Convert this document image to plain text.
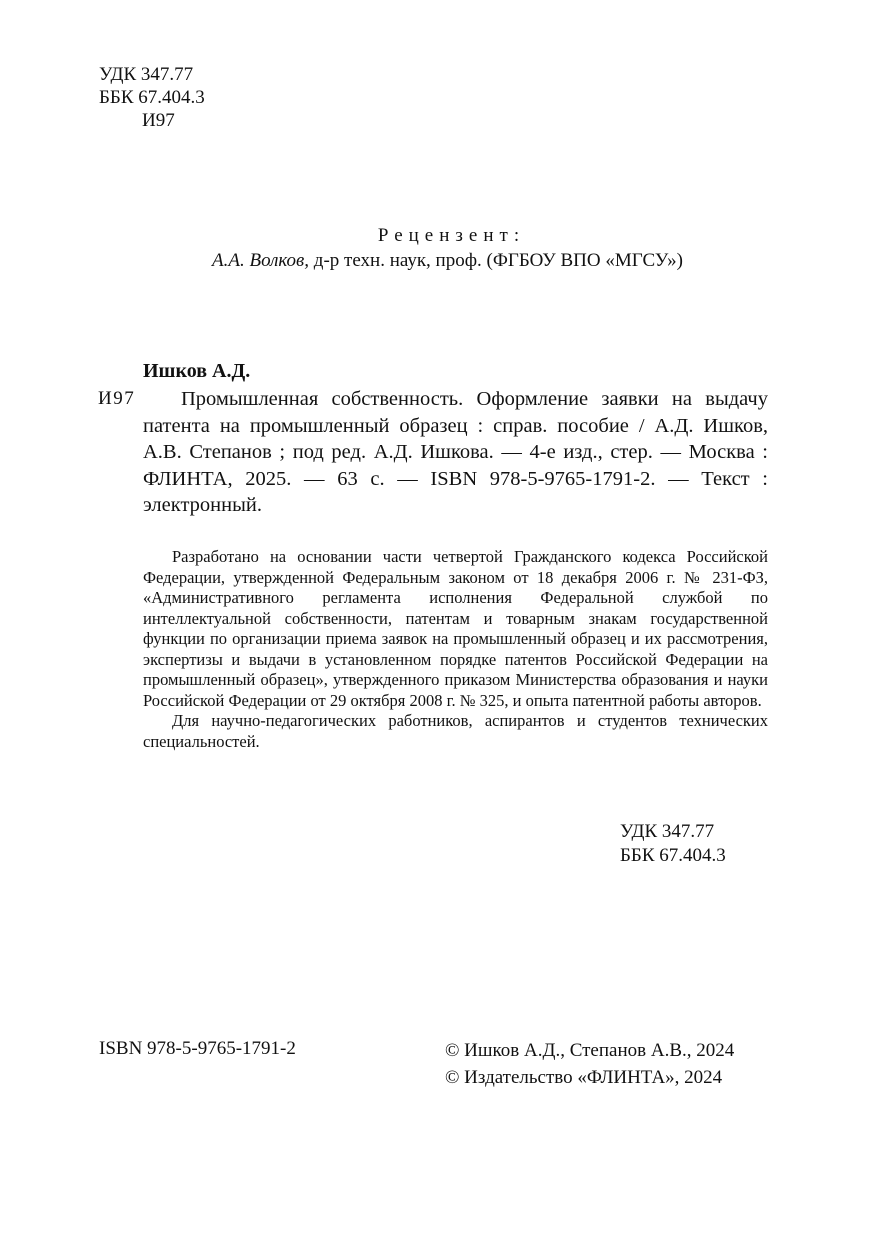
УДК 347.77
ББК 67.404.3
И97
Рецензент:
А.А. Волков, д-р техн. наук, проф. (ФГБОУ ВПО «МГСУ»)
Ишков А.Д.
И97	Промышленная собственность. Оформление заявки на выдачу патента на промышленный образец : справ. пособие / А.Д. Ишков, А.В. Степанов ; под ред. А.Д. Ишкова. — 4-е изд., стер. — Москва : ФЛИНТА, 2025. — 63 с. — ISBN 978-5-9765-1791-2. — Текст : электронный.

Разработано на основании части четвертой Гражданского кодекса Российской Федерации, утвержденной Федеральным законом от 18 декабря 2006 г. № 231-ФЗ, «Административного регламента исполнения Федеральной службой по интеллектуальной собственности, патентам и товарным знакам государственной функции по организации приема заявок на промышленный образец и их рассмотрения, экспертизы и выдачи в установленном порядке патентов Российской Федерации на промышленный образец», утвержденного приказом Министерства образования и науки Российской Федерации от 29 октября 2008 г. № 325, и опыта патентной работы авторов.

Для научно-педагогических работников, аспирантов и студентов технических специальностей.

УДК 347.77
ББК 67.404.3
ISBN 978-5-9765-1791-2	© Ишков А.Д., Степанов А.В., 2024
© Издательство «ФЛИНТА», 2024
